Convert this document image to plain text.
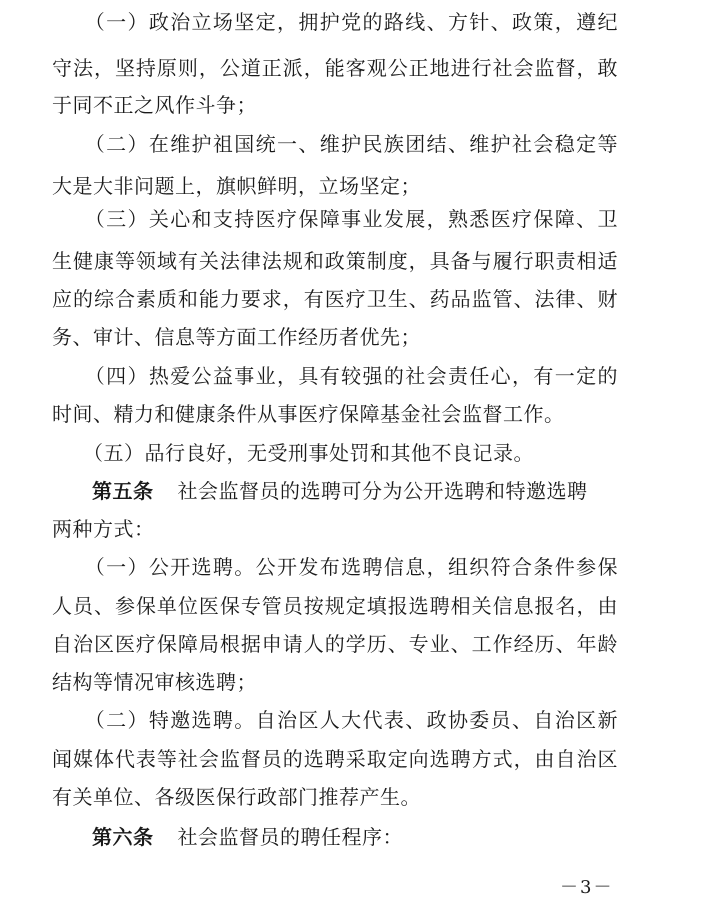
　　（一）政治立场坚定，拥护党的路线、方针、政策，遵纪
守法，坚持原则，公道正派，能客观公正地进行社会监督，敢
于同不正之风作斗争；
　　（二）在维护祖国统一、维护民族团结、维护社会稳定等
大是大非问题上，旗帜鲜明，立场坚定；
　　（三）关心和支持医疗保障事业发展，熟悉医疗保障、卫
生健康等领域有关法律法规和政策制度，具备与履行职责相适
应的综合素质和能力要求，有医疗卫生、药品监管、法律、财
务、审计、信息等方面工作经历者优先；
　　（四）热爱公益事业，具有较强的社会责任心，有一定的
时间、精力和健康条件从事医疗保障基金社会监督工作。
　　（五）品行良好，无受刑事处罚和其他不良记录。
第五条 社会监督员的选聘可分为公开选聘和特邀选聘
两种方式：
　　（一）公开选聘。公开发布选聘信息，组织符合条件参保
人员、参保单位医保专管员按规定填报选聘相关信息报名，由
自治区医疗保障局根据申请人的学历、专业、工作经历、年龄
结构等情况审核选聘；
　　（二）特邀选聘。自治区人大代表、政协委员、自治区新
闻媒体代表等社会监督员的选聘采取定向选聘方式，由自治区
有关单位、各级医保行政部门推荐产生。
第六条 社会监督员的聘任程序：
－3－
